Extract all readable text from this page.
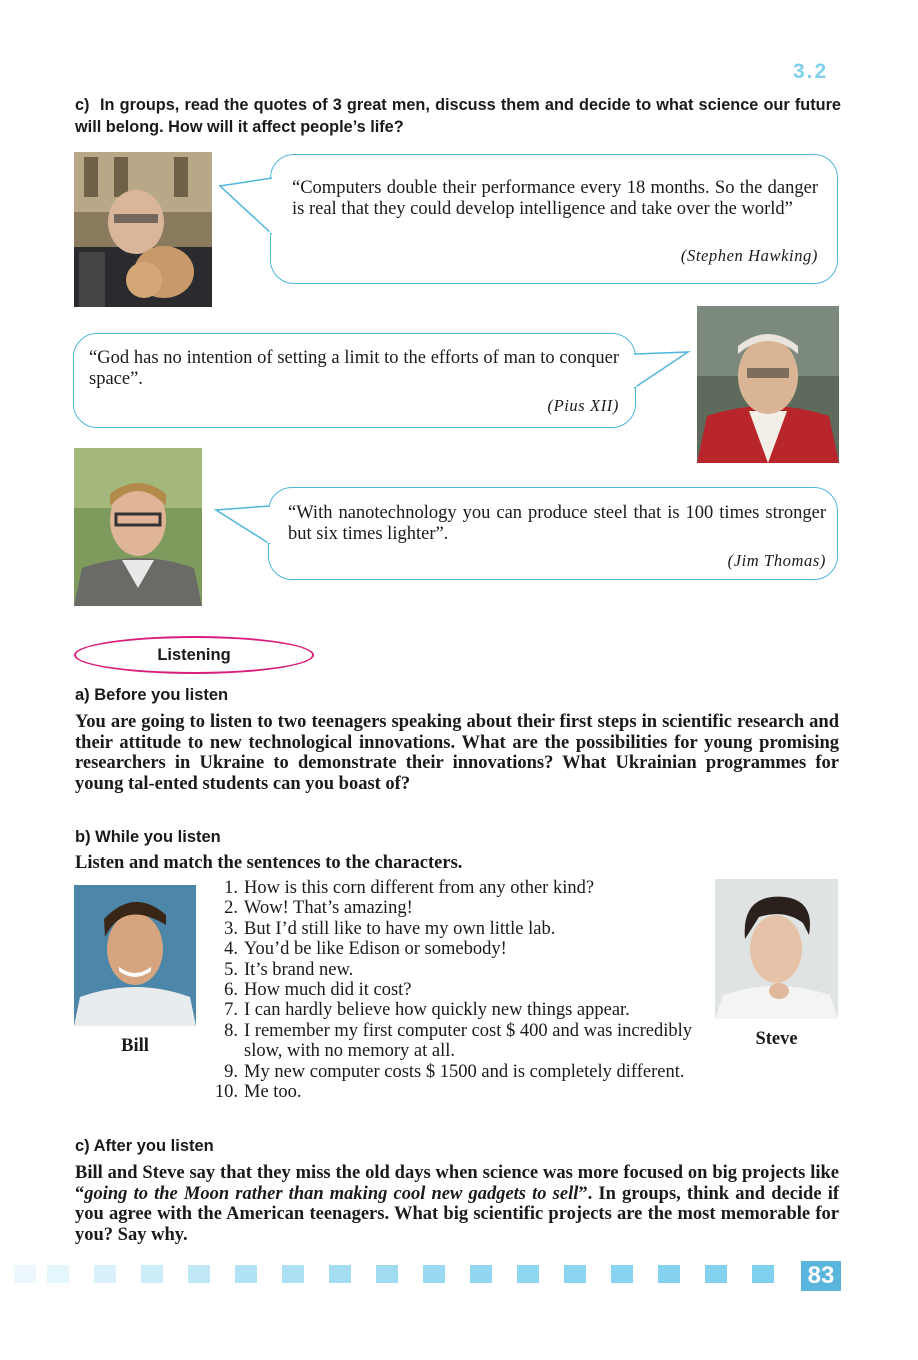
3.2
c) In groups, read the quotes of 3 great men, discuss them and decide to what science our future will belong. How will it affect people’s life?
“Computers double their performance every 18 months. So the danger is real that they could develop intelligence and take over the world”
(Stephen Hawking)
“God has no intention of setting a limit to the efforts of man to conquer space”.
(Pius XII)
“With nanotechnology you can produce steel that is 100 times stronger but six times lighter”.
(Jim Thomas)
Listening
a) Before you listen
You are going to listen to two teenagers speaking about their first steps in scientific research and their attitude to new technological innovations. What are the possibilities for young promising researchers in Ukraine to demonstrate their innovations? What Ukrainian programmes for young tal-ented students can you boast of?
b) While you listen
Listen and match the sentences to the characters.
Bill
1. How is this corn different from any other kind?
2. Wow! That’s amazing!
3. But I’d still like to have my own little lab.
4. You’d be like Edison or somebody!
5. It’s brand new.
6. How much did it cost?
7. I can hardly believe how quickly new things appear.
8. I remember my first computer cost $ 400 and was incredibly slow, with no memory at all.
9. My new computer costs $ 1500 and is completely different.
10. Me too.
Steve
c) After you listen
Bill and Steve say that they miss the old days when science was more focused on big projects like “going to the Moon rather than making cool new gadgets to sell”. In groups, think and decide if you agree with the American teenagers. What big scientific projects are the most memorable for you? Say why.
83
